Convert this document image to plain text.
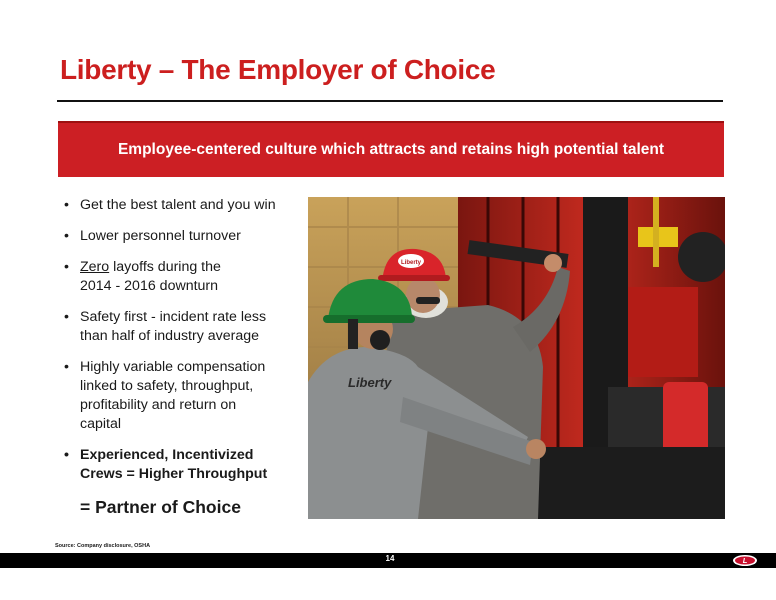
Liberty – The Employer of Choice
Employee-centered culture which attracts and retains high potential talent
• Get the best talent and you win
• Lower personnel turnover
• Zero layoffs during the
2014 - 2016 downturn
• Safety first - incident rate less
than half of industry average
• Highly variable compensation
linked to safety, throughput,
profitability and return on
capital
• Experienced, Incentivized
Crews = Higher Throughput
= Partner of Choice
Liberty
Liberty
Source: Company disclosure, OSHA
14	L
